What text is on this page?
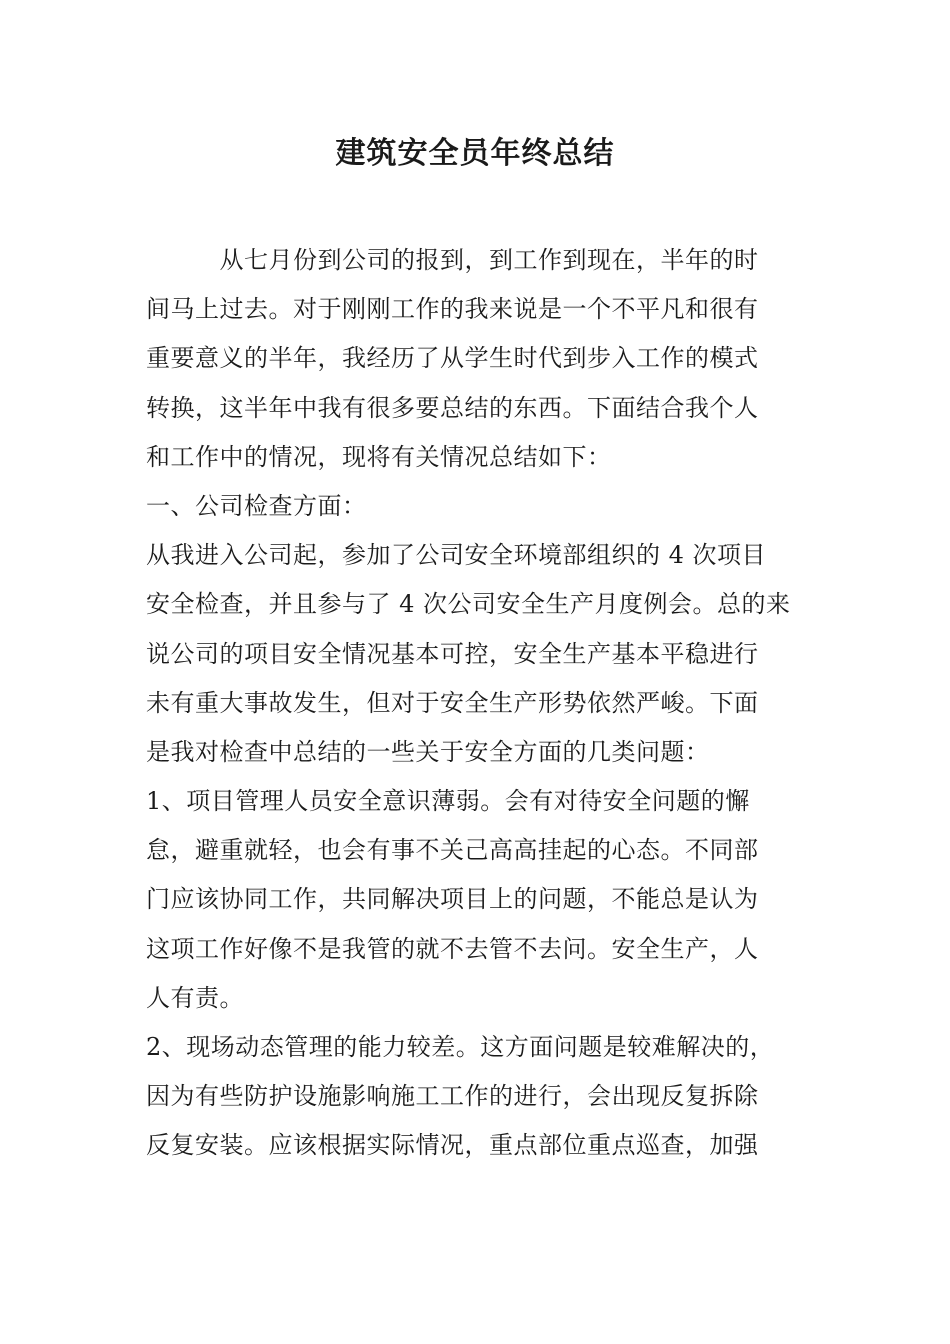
建筑安全员年终总结
　　　从七月份到公司的报到，到工作到现在，半年的时
间马上过去。对于刚刚工作的我来说是一个不平凡和很有
重要意义的半年，我经历了从学生时代到步入工作的模式
转换，这半年中我有很多要总结的东西。下面结合我个人
和工作中的情况，现将有关情况总结如下：
一、公司检查方面：
从我进入公司起，参加了公司安全环境部组织的 4 次项目
安全检查，并且参与了 4 次公司安全生产月度例会。总的来
说公司的项目安全情况基本可控，安全生产基本平稳进行
未有重大事故发生，但对于安全生产形势依然严峻。下面
是我对检查中总结的一些关于安全方面的几类问题：
1、项目管理人员安全意识薄弱。会有对待安全问题的懈
怠，避重就轻，也会有事不关己高高挂起的心态。不同部
门应该协同工作，共同解决项目上的问题，不能总是认为
这项工作好像不是我管的就不去管不去问。安全生产，人
人有责。
2、现场动态管理的能力较差。这方面问题是较难解决的，
因为有些防护设施影响施工工作的进行，会出现反复拆除
反复安装。应该根据实际情况，重点部位重点巡查，加强
